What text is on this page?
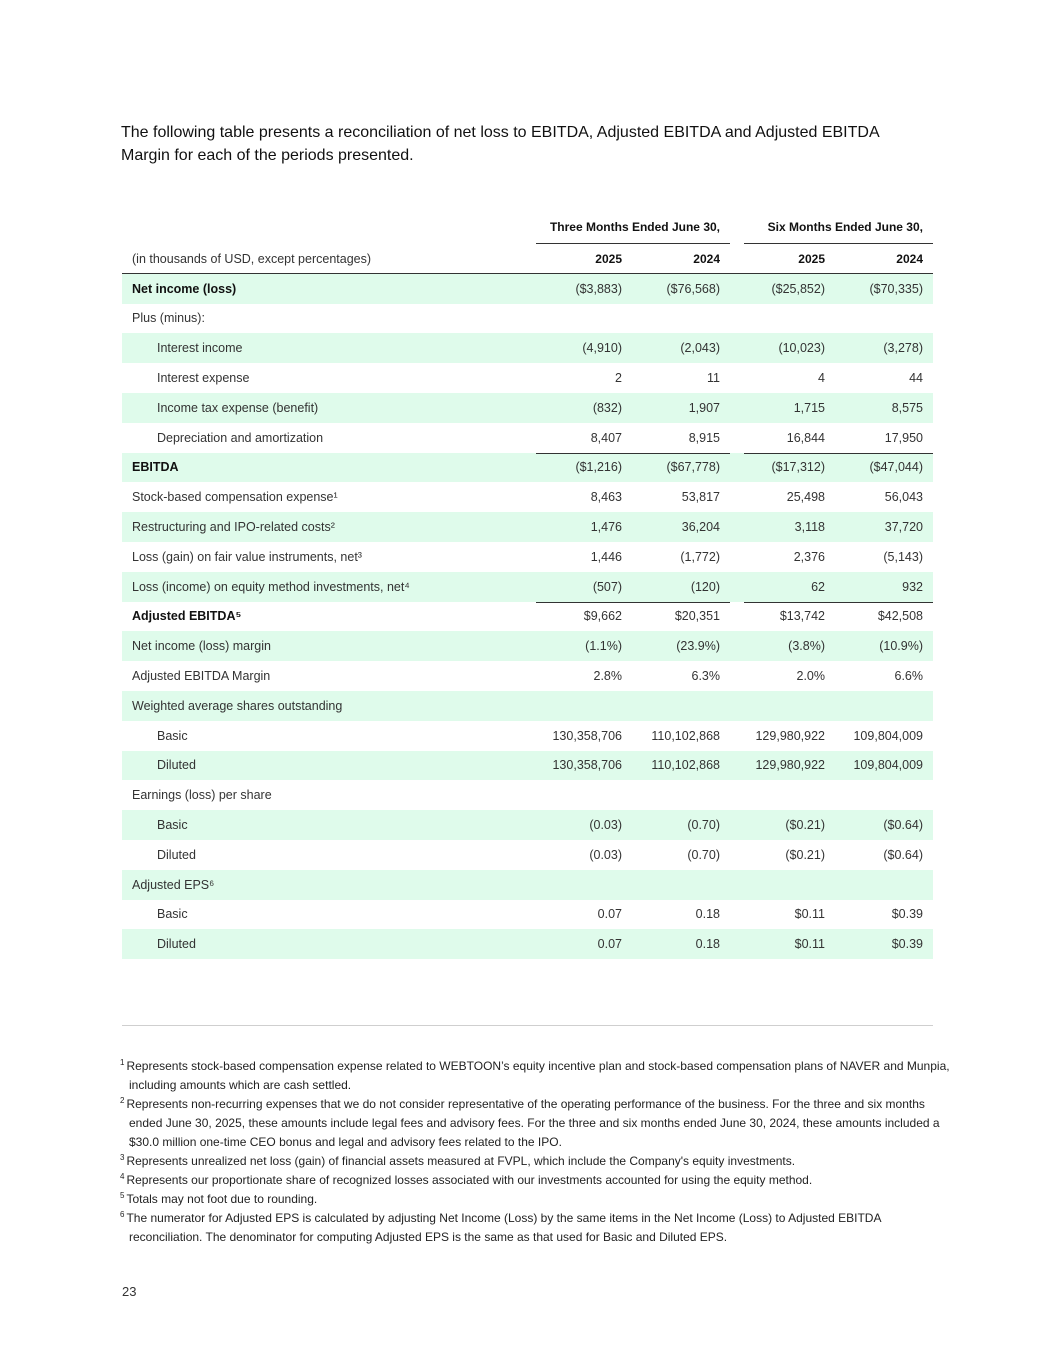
The following table presents a reconciliation of net loss to EBITDA, Adjusted EBITDA and Adjusted EBITDA Margin for each of the periods presented.

	Three Months Ended June 30,		Six Months Ended June 30,	

(in thousands of USD, except percentages)	2025	2024	2025	2024
Net income (loss)	($3,883)	($76,568)	($25,852)	($70,335)
Plus (minus):				
Interest income	(4,910)	(2,043)	(10,023)	(3,278)
Interest expense	2	11	4	44
Income tax expense (benefit)	(832)	1,907	1,715	8,575
Depreciation and amortization	8,407	8,915	16,844	17,950
EBITDA	($1,216)	($67,778)	($17,312)	($47,044)
Stock-based compensation expense¹	8,463	53,817	25,498	56,043
Restructuring and IPO-related costs²	1,476	36,204	3,118	37,720
Loss (gain) on fair value instruments, net³	1,446	(1,772)	2,376	(5,143)
Loss (income) on equity method investments, net⁴	(507)	(120)	62	932
Adjusted EBITDA⁵	$9,662	$20,351	$13,742	$42,508
Net income (loss) margin	(1.1%)	(23.9%)	(3.8%)	(10.9%)
Adjusted EBITDA Margin	2.8%	6.3%	2.0%	6.6%
Weighted average shares outstanding				
Basic	130,358,706	110,102,868	129,980,922	109,804,009
Diluted	130,358,706	110,102,868	129,980,922	109,804,009
Earnings (loss) per share				
Basic	(0.03)	(0.70)	($0.21)	($0.64)
Diluted	(0.03)	(0.70)	($0.21)	($0.64)
Adjusted EPS⁶				
Basic	0.07	0.18	$0.11	$0.39
Diluted	0.07	0.18	$0.11	$0.39
$^1$ Represents stock-based compensation expense related to WEBTOON’s equity incentive plan and stock-based compensation plans of NAVER and Munpia, including amounts which are cash settled.
$^2$ Represents non-recurring expenses that we do not consider representative of the operating performance of the business. For the three and six months ended June 30, 2025, these amounts include legal fees and advisory fees. For the three and six months ended June 30, 2024, these amounts included a $30.0 million one-time CEO bonus and legal and advisory fees related to the IPO.
$^3$ Represents unrealized net loss (gain) of financial assets measured at FVPL, which include the Company's equity investments.
$^4$ Represents our proportionate share of recognized losses associated with our investments accounted for using the equity method.
$^5$ Totals may not foot due to rounding.
$^6$ The numerator for Adjusted EPS is calculated by adjusting Net Income (Loss) by the same items in the Net Income (Loss) to Adjusted EBITDA reconciliation. The denominator for computing Adjusted EPS is the same as that used for Basic and Diluted EPS.
23
